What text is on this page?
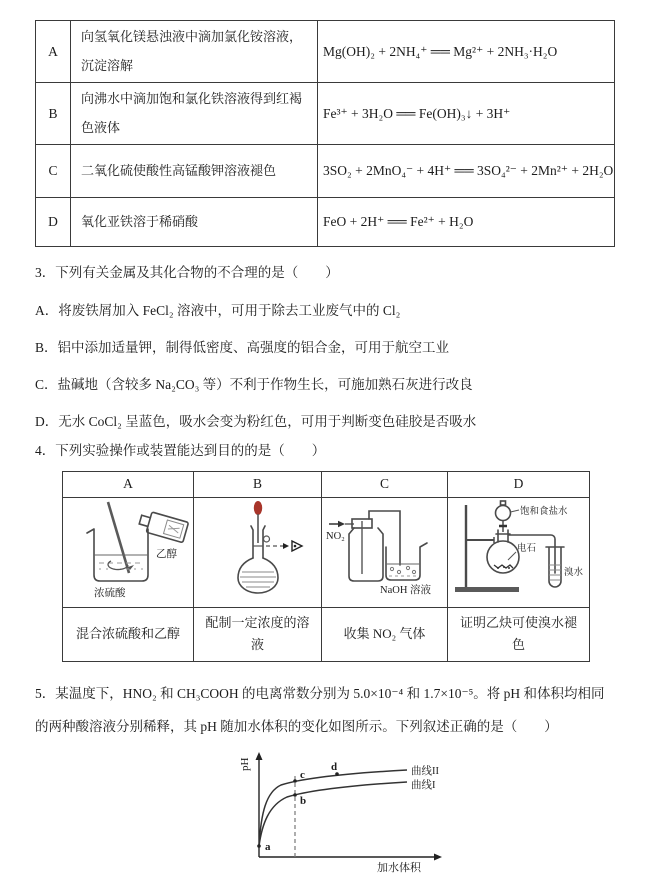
A	向氢氧化镁悬浊液中滴加氯化铵溶液，沉淀溶解	Mg(OH)₂ + 2NH₄⁺ ══ Mg²⁺ + 2NH₃·H₂O
B	向沸水中滴加饱和氯化铁溶液得到红褐色液体	Fe³⁺ + 3H₂O ══ Fe(OH)₃↓ + 3H⁺
C	二氧化硫使酸性高锰酸钾溶液褪色	3SO₂ + 2MnO₄⁻ + 4H⁺ ══ 3SO₄²⁻ + 2Mn²⁺ + 2H₂O
D	氧化亚铁溶于稀硝酸	FeO + 2H⁺ ══ Fe²⁺ + H₂O

3．下列有关金属及其化合物的不合理的是（　　）

A．将废铁屑加入 FeCl₂ 溶液中，可用于除去工业废气中的 Cl₂

B．铝中添加适量钾，制得低密度、高强度的铝合金，可用于航空工业

C．盐碱地（含较多 Na₂CO₃ 等）不利于作物生长，可施加熟石灰进行改良

D．无水 CoCl₂ 呈蓝色，吸水会变为粉红色，可用于判断变色硅胶是否吸水

4．下列实验操作或装置能达到目的的是（　　）

A	B	C	D

乙醇
浓硫酸		NO₂
NaOH 溶液	饱和食盐水
电石
溴水

混合浓硫酸和乙醇	配制一定浓度的溶液	收集 NO₂ 气体	证明乙炔可使溴水褪色

5．某温度下，HNO₂ 和 CH₃COOH 的电离常数分别为 5.0×10⁻⁴ 和 1.7×10⁻⁵。将 pH 和体积均相同的两种酸溶液分别稀释，其 pH 随加水体积的变化如图所示。下列叙述正确的是（　　）

pH
a
b
c
d	曲线II
曲线I
加水体积
